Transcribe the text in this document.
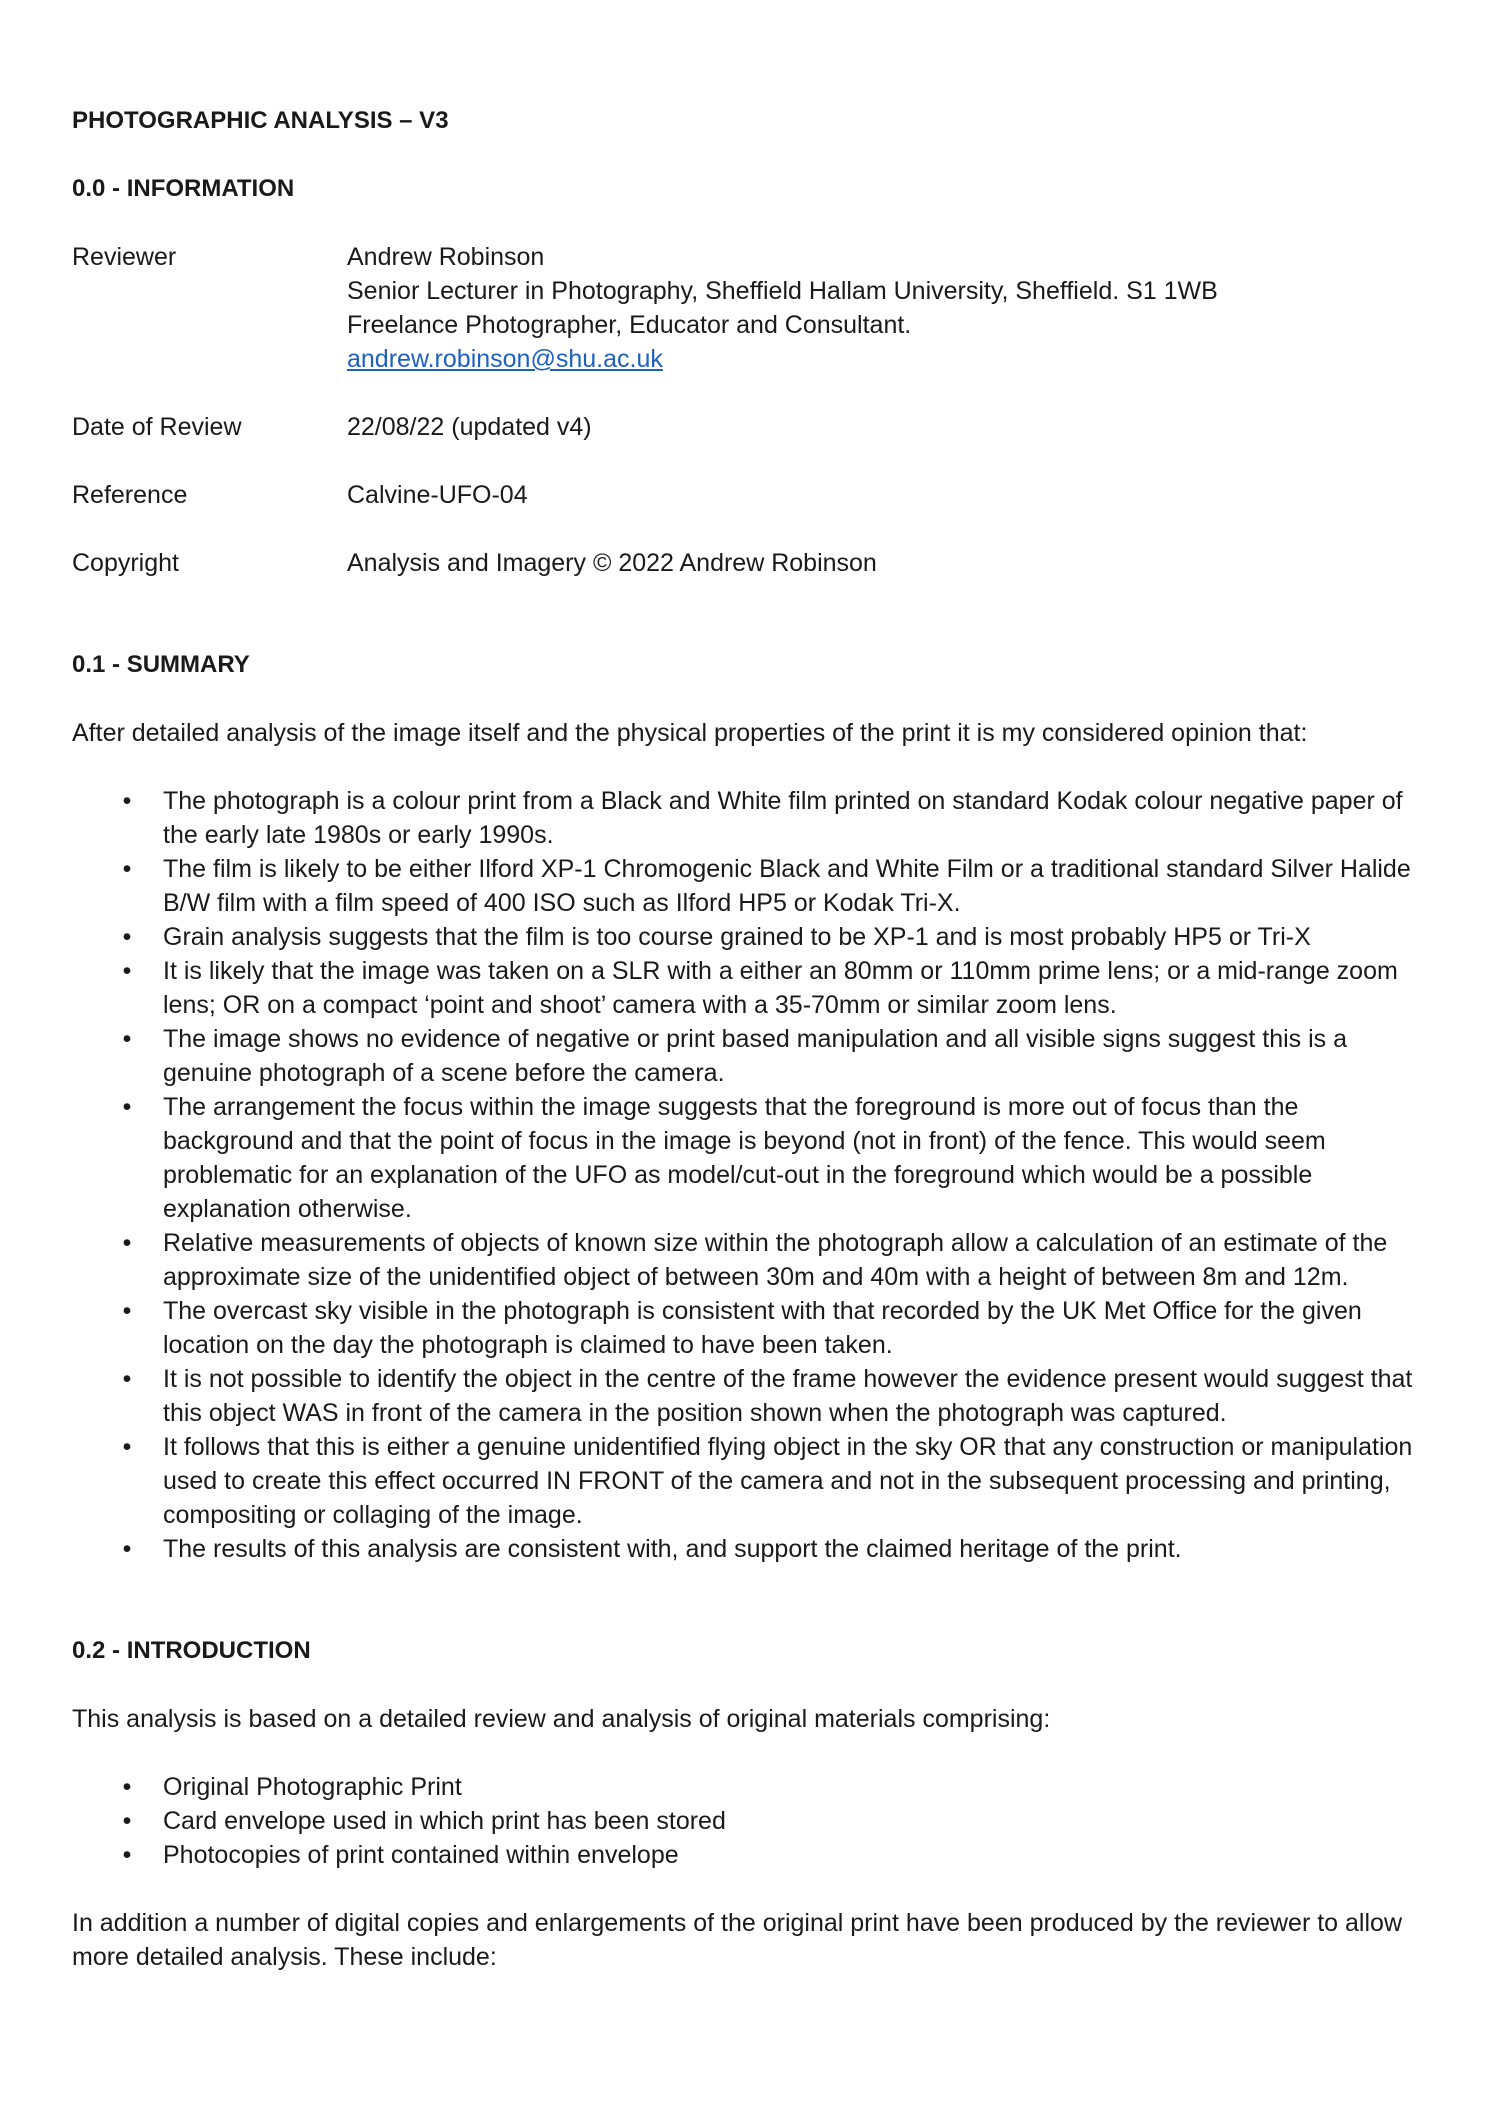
PHOTOGRAPHIC ANALYSIS – V3
0.0 - INFORMATION
Reviewer	Andrew Robinson
Senior Lecturer in Photography, Sheffield Hallam University, Sheffield. S1 1WB
Freelance Photographer, Educator and Consultant.
andrew.robinson@shu.ac.uk
Date of Review	22/08/22 (updated v4)
Reference	Calvine-UFO-04
Copyright	Analysis and Imagery © 2022 Andrew Robinson
0.1 - SUMMARY

After detailed analysis of the image itself and the physical properties of the print it is my considered opinion that:

• The photograph is a colour print from a Black and White film printed on standard Kodak colour negative paper of the early late 1980s or early 1990s.
• The film is likely to be either Ilford XP-1 Chromogenic Black and White Film or a traditional standard Silver Halide B/W film with a film speed of 400 ISO such as Ilford HP5 or Kodak Tri-X.
• Grain analysis suggests that the film is too course grained to be XP-1 and is most probably HP5 or Tri-X
• It is likely that the image was taken on a SLR with a either an 80mm or 110mm prime lens; or a mid-range zoom lens; OR on a compact ‘point and shoot’ camera with a 35-70mm or similar zoom lens.
• The image shows no evidence of negative or print based manipulation and all visible signs suggest this is a genuine photograph of a scene before the camera.
• The arrangement the focus within the image suggests that the foreground is more out of focus than the background and that the point of focus in the image is beyond (not in front) of the fence. This would seem problematic for an explanation of the UFO as model/cut-out in the foreground which would be a possible explanation otherwise.
• Relative measurements of objects of known size within the photograph allow a calculation of an estimate of the approximate size of the unidentified object of between 30m and 40m with a height of between 8m and 12m.
• The overcast sky visible in the photograph is consistent with that recorded by the UK Met Office for the given location on the day the photograph is claimed to have been taken.
• It is not possible to identify the object in the centre of the frame however the evidence present would suggest that this object WAS in front of the camera in the position shown when the photograph was captured.
• It follows that this is either a genuine unidentified flying object in the sky OR that any construction or manipulation used to create this effect occurred IN FRONT of the camera and not in the subsequent processing and printing, compositing or collaging of the image.
• The results of this analysis are consistent with, and support the claimed heritage of the print.
0.2 - INTRODUCTION

This analysis is based on a detailed review and analysis of original materials comprising:

• Original Photographic Print
• Card envelope used in which print has been stored
• Photocopies of print contained within envelope

In addition a number of digital copies and enlargements of the original print have been produced by the reviewer to allow more detailed analysis. These include:
